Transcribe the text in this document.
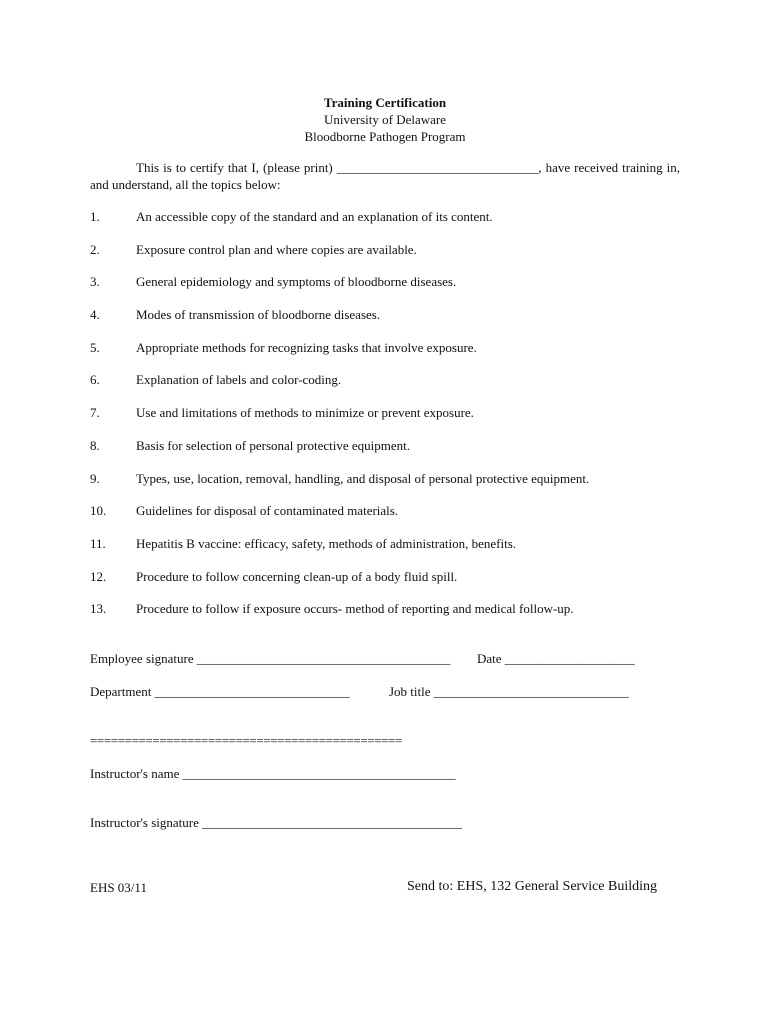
Training Certification
University of Delaware
Bloodborne Pathogen Program
This is to certify that I, (please print) _______________________________, have received training in, and understand, all the topics below:
1.	An accessible copy of the standard and an explanation of its content.
2.	Exposure control plan and where copies are available.
3.	General epidemiology and symptoms of bloodborne diseases.
4.	Modes of transmission of bloodborne diseases.
5.	Appropriate methods for recognizing tasks that involve exposure.
6.	Explanation of labels and color-coding.
7.	Use and limitations of methods to minimize or prevent exposure.
8.	Basis for selection of personal protective equipment.
9.	Types, use, location, removal, handling, and disposal of personal protective equipment.
10. Guidelines for disposal of contaminated materials.
11. Hepatitis B vaccine: efficacy, safety, methods of administration, benefits.
12. Procedure to follow concerning clean-up of a body fluid spill.
13. Procedure to follow if exposure occurs- method of reporting and medical follow-up.
Employee signature _______________________________________ Date ____________________
Department ______________________________	Job title ______________________________
=============================================
Instructor's name __________________________________________
Instructor's signature ________________________________________
EHS 03/11	Send to: EHS, 132 General Service Building
